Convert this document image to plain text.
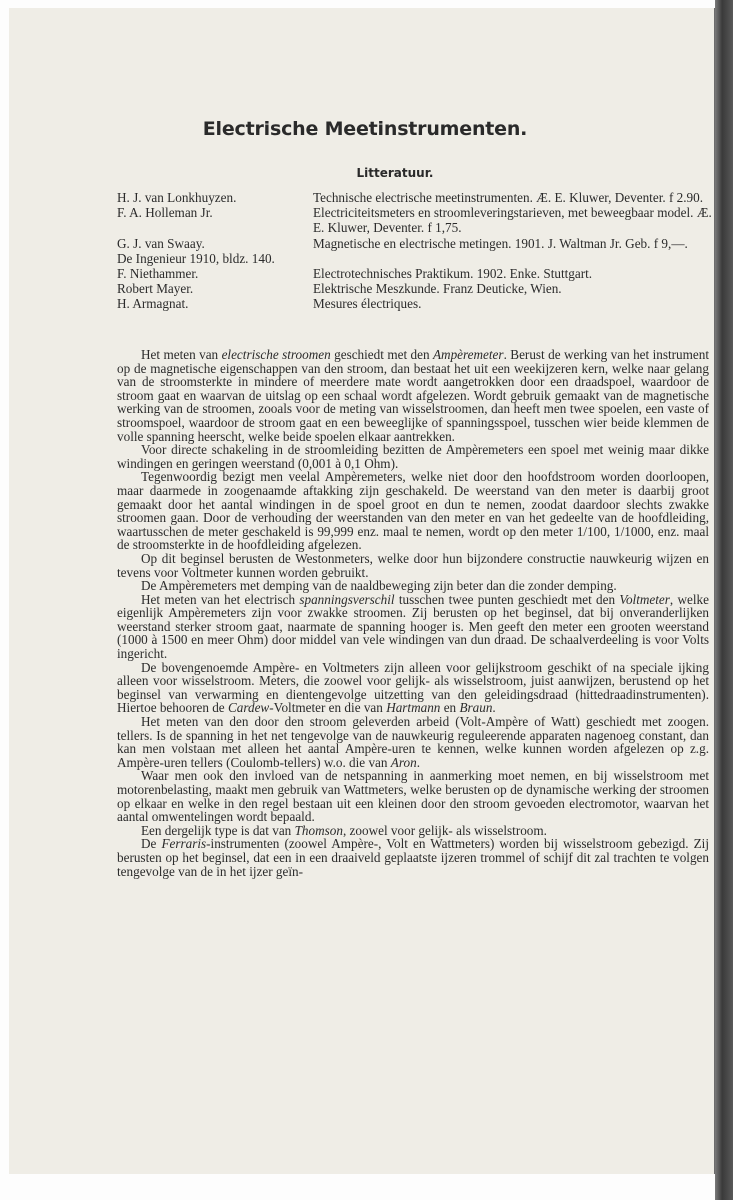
Electrische Meetinstrumenten.
Litteratuur.
H. J. van Lonkhuyzen.	Technische electrische meetinstrumenten. Æ. E. Kluwer, Deventer. f 2.90.
F. A. Holleman Jr.	Electriciteitsmeters en stroomleveringstarieven, met beweegbaar model. Æ. E. Kluwer, Deventer. f 1,75.
G. J. van Swaay.	Magnetische en electrische metingen. 1901. J. Waltman Jr. Geb. f 9,—.
De Ingenieur 1910, bldz. 140.
F. Niethammer.	Electrotechnisches Praktikum. 1902. Enke. Stuttgart.
Robert Mayer.	Elektrische Meszkunde. Franz Deuticke, Wien.
H. Armagnat.	Mesures électriques.

Het meten van electrische stroomen geschiedt met den Ampèremeter. Berust de werking van het instrument op de magnetische eigenschappen van den stroom, dan bestaat het uit een weekijzeren kern, welke naar gelang van de stroomsterkte in mindere of meerdere mate wordt aangetrokken door een draadspoel, waardoor de stroom gaat en waarvan de uitslag op een schaal wordt afgelezen. Wordt gebruik gemaakt van de magnetische werking van de stroomen, zooals voor de meting van wisselstroomen, dan heeft men twee spoelen, een vaste of stroomspoel, waardoor de stroom gaat en een beweeglijke of spanningsspoel, tusschen wier beide klemmen de volle spanning heerscht, welke beide spoelen elkaar aantrekken.

Voor directe schakeling in de stroomleiding bezitten de Ampèremeters een spoel met weinig maar dikke windingen en geringen weerstand (0,001 à 0,1 Ohm).

Tegenwoordig bezigt men veelal Ampèremeters, welke niet door den hoofdstroom worden doorloopen, maar daarmede in zoogenaamde aftakking zijn geschakeld. De weerstand van den meter is daarbij groot gemaakt door het aantal windingen in de spoel groot en dun te nemen, zoodat daardoor slechts zwakke stroomen gaan. Door de verhouding der weerstanden van den meter en van het gedeelte van de hoofdleiding, waartusschen de meter geschakeld is 99,999 enz. maal te nemen, wordt op den meter 1/100, 1/1000, enz. maal de stroomsterkte in de hoofdleiding afgelezen.

Op dit beginsel berusten de Westonmeters, welke door hun bijzondere constructie nauwkeurig wijzen en tevens voor Voltmeter kunnen worden gebruikt.

De Ampèremeters met demping van de naaldbeweging zijn beter dan die zonder demping.

Het meten van het electrisch spanningsverschil tusschen twee punten geschiedt met den Voltmeter, welke eigenlijk Ampèremeters zijn voor zwakke stroomen. Zij berusten op het beginsel, dat bij onveranderlijken weerstand sterker stroom gaat, naarmate de spanning hooger is. Men geeft den meter een grooten weerstand (1000 à 1500 en meer Ohm) door middel van vele windingen van dun draad. De schaalverdeeling is voor Volts ingericht.

De bovengenoemde Ampère- en Voltmeters zijn alleen voor gelijkstroom geschikt of na speciale ijking alleen voor wisselstroom. Meters, die zoowel voor gelijk- als wisselstroom, juist aanwijzen, berustend op het beginsel van verwarming en dientengevolge uitzetting van den geleidingsdraad (hittedraadinstrumenten). Hiertoe behooren de Cardew-Voltmeter en die van Hartmann en Braun.

Het meten van den door den stroom geleverden arbeid (Volt-Ampère of Watt) geschiedt met zoogen. tellers. Is de spanning in het net tengevolge van de nauwkeurig reguleerende apparaten nagenoeg constant, dan kan men volstaan met alleen het aantal Ampère-uren te kennen, welke kunnen worden afgelezen op z.g. Ampère-uren tellers (Coulomb-tellers) w.o. die van Aron.

Waar men ook den invloed van de netspanning in aanmerking moet nemen, en bij wisselstroom met motorenbelasting, maakt men gebruik van Wattmeters, welke berusten op de dynamische werking der stroomen op elkaar en welke in den regel bestaan uit een kleinen door den stroom gevoeden electromotor, waarvan het aantal omwentelingen wordt bepaald.

Een dergelijk type is dat van Thomson, zoowel voor gelijk- als wisselstroom.

De Ferraris-instrumenten (zoowel Ampère-, Volt en Wattmeters) worden bij wisselstroom gebezigd. Zij berusten op het beginsel, dat een in een draaiveld geplaatste ijzeren trommel of schijf dit zal trachten te volgen tengevolge van de in het ijzer geïn-
